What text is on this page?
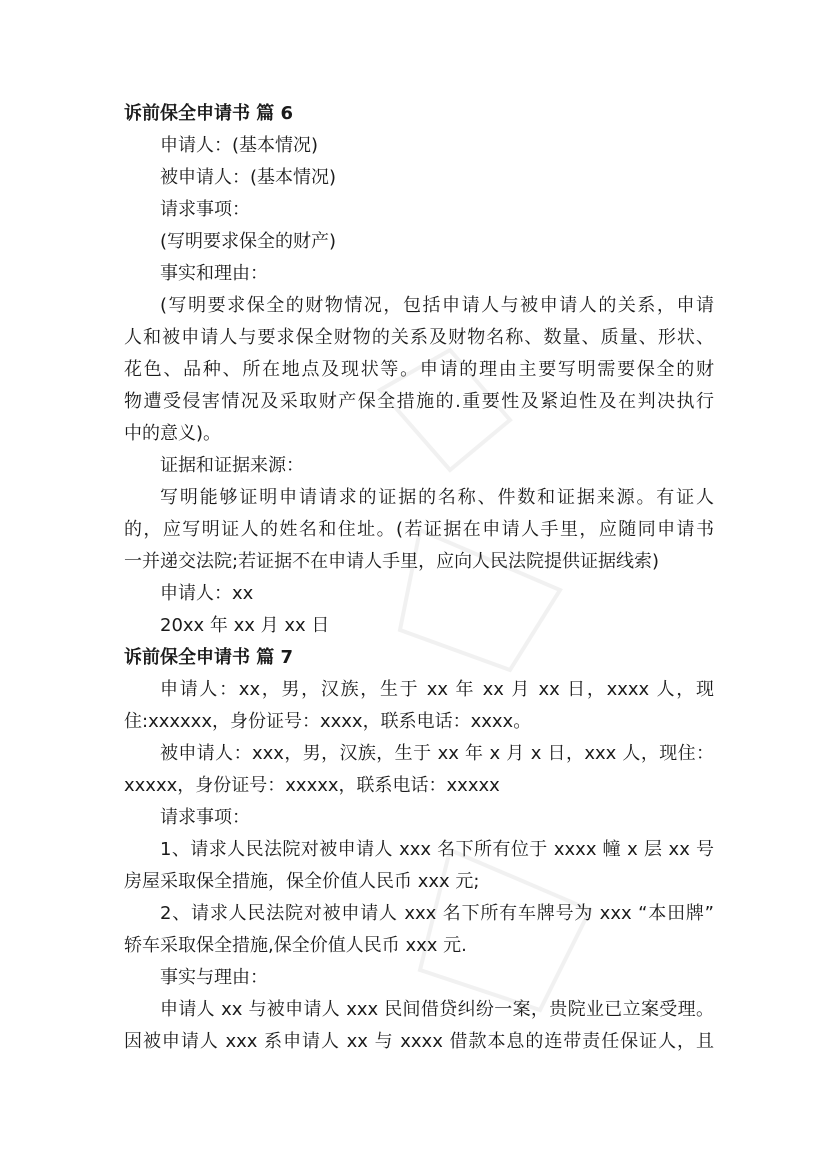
诉前保全申请书 篇 6

申请人：(基本情况)

被申请人：(基本情况)

请求事项：

(写明要求保全的财产)

事实和理由：

(写明要求保全的财物情况，包括申请人与被申请人的关系，申请

人和被申请人与要求保全财物的关系及财物名称、数量、质量、形状、

花色、品种、所在地点及现状等。申请的理由主要写明需要保全的财

物遭受侵害情况及采取财产保全措施的.重要性及紧迫性及在判决执行

中的意义)。

证据和证据来源：

写明能够证明申请请求的证据的名称、件数和证据来源。有证人

的，应写明证人的姓名和住址。(若证据在申请人手里，应随同申请书

一并递交法院;若证据不在申请人手里，应向人民法院提供证据线索)

申请人：xx

20xx 年 xx 月 xx 日

诉前保全申请书 篇 7

申请人：xx，男，汉族，生于 xx 年 xx 月 xx 日，xxxx 人，现

住:xxxxxx，身份证号：xxxx，联系电话：xxxx。

被申请人：xxx，男，汉族，生于 xx 年 x 月 x 日，xxx 人，现住：

xxxxx，身份证号：xxxxx，联系电话：xxxxx

请求事项：

1、请求人民法院对被申请人 xxx 名下所有位于 xxxx 幢 x 层 xx 号

房屋采取保全措施，保全价值人民币 xxx 元;

2、请求人民法院对被申请人 xxx 名下所有车牌号为 xxx “本田牌”

轿车采取保全措施,保全价值人民币 xxx 元.

事实与理由：

申请人 xx 与被申请人 xxx 民间借贷纠纷一案，贵院业已立案受理。

因被申请人 xxx 系申请人 xx 与 xxxx 借款本息的连带责任保证人，且
